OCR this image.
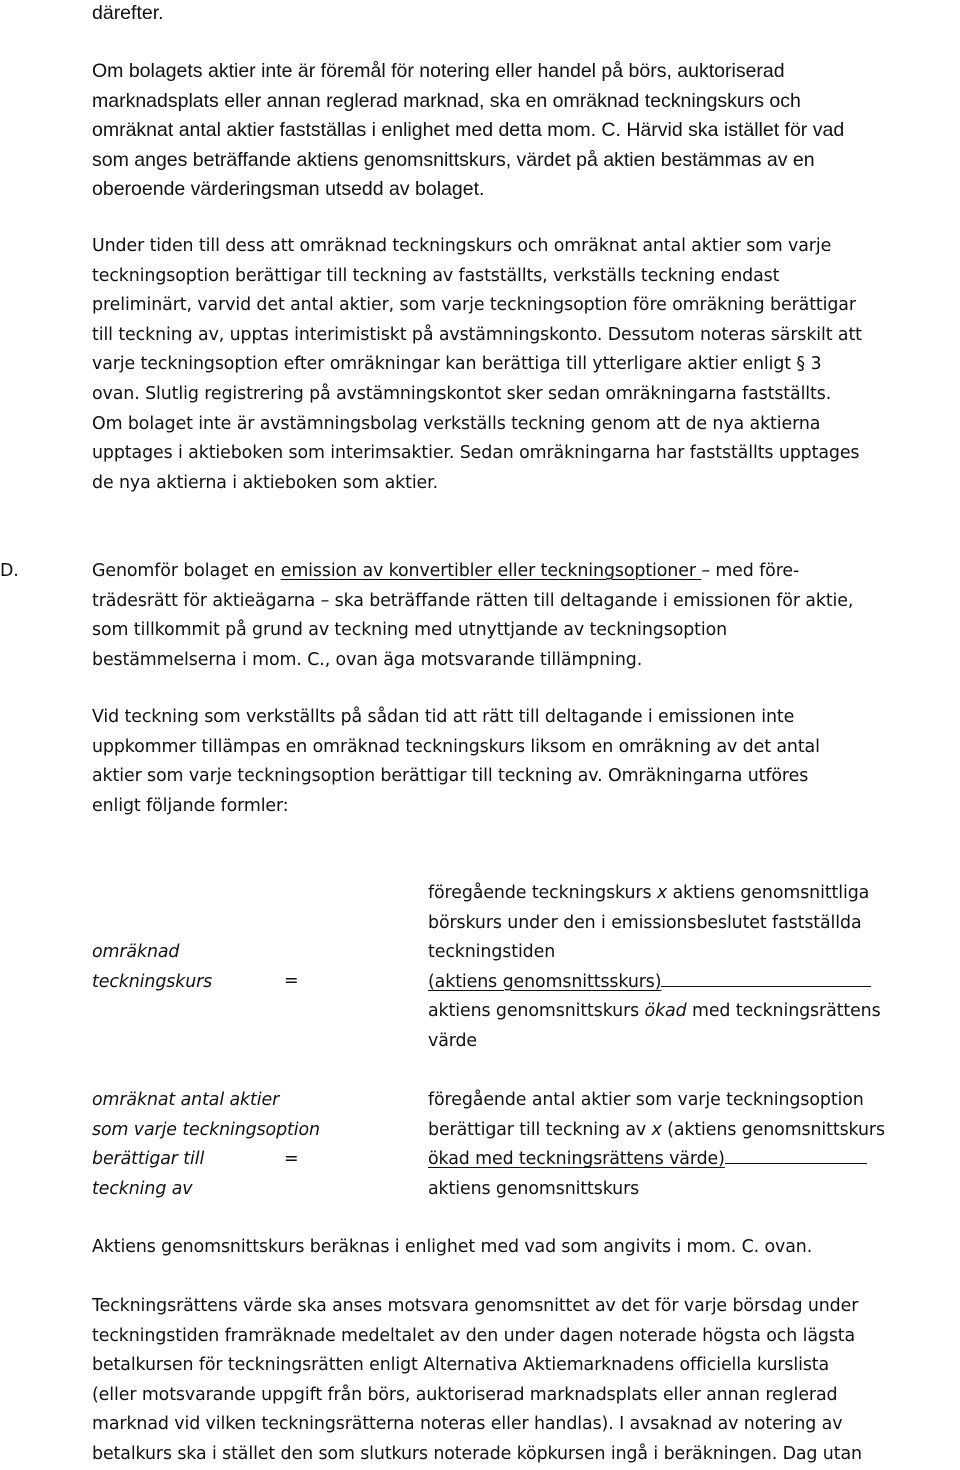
därefter.
Om bolagets aktier inte är föremål för notering eller handel på börs, auktoriserad
marknadsplats eller annan reglerad marknad, ska en omräknad teckningskurs och
omräknat antal aktier fastställas i enlighet med detta mom. C. Härvid ska istället för vad
som anges beträffande aktiens genomsnittskurs, värdet på aktien bestämmas av en
oberoende värderingsman utsedd av bolaget.
Under tiden till dess att omräknad teckningskurs och omräknat antal aktier som varje
teckningsoption berättigar till teckning av fastställts, verkställs teckning endast
preliminärt, varvid det antal aktier, som varje teckningsoption före omräkning berättigar
till teckning av, upptas interimistiskt på avstämningskonto. Dessutom noteras särskilt att
varje teckningsoption efter omräkningar kan berättiga till ytterligare aktier enligt § 3
ovan. Slutlig registrering på avstämningskontot sker sedan omräkningarna fastställts.
Om bolaget inte är avstämningsbolag verkställs teckning genom att de nya aktierna
upptages i aktieboken som interimsaktier. Sedan omräkningarna har fastställts upptages
de nya aktierna i aktieboken som aktier.
D.	Genomför bolaget en emission av konvertibler eller teckningsoptioner – med före-
trädesrätt för aktieägarna – ska beträffande rätten till deltagande i emissionen för aktie,
som tillkommit på grund av teckning med utnyttjande av teckningsoption
bestämmelserna i mom. C., ovan äga motsvarande tillämpning.
Vid teckning som verkställts på sådan tid att rätt till deltagande i emissionen inte
uppkommer tillämpas en omräknad teckningskurs liksom en omräkning av det antal
aktier som varje teckningsoption berättigar till teckning av. Omräkningarna utföres
enligt följande formler:
omräknad
teckningskurs	=
föregående teckningskurs x aktiens genomsnittliga
börskurs under den i emissionsbeslutet fastställda
teckningstiden
(aktiens genomsnittsskurs)
aktiens genomsnittskurs ökad med teckningsrättens
värde
omräknat antal aktier
som varje teckningsoption
berättigar till
teckning av
=
föregående antal aktier som varje teckningsoption
berättigar till teckning av x (aktiens genomsnittskurs
ökad med teckningsrättens värde)
aktiens genomsnittskurs
Aktiens genomsnittskurs beräknas i enlighet med vad som angivits i mom. C. ovan.
Teckningsrättens värde ska anses motsvara genomsnittet av det för varje börsdag under
teckningstiden framräknade medeltalet av den under dagen noterade högsta och lägsta
betalkursen för teckningsrätten enligt Alternativa Aktiemarknadens officiella kurslista
(eller motsvarande uppgift från börs, auktoriserad marknadsplats eller annan reglerad
marknad vid vilken teckningsrätterna noteras eller handlas). I avsaknad av notering av
betalkurs ska i stället den som slutkurs noterade köpkursen ingå i beräkningen. Dag utan
